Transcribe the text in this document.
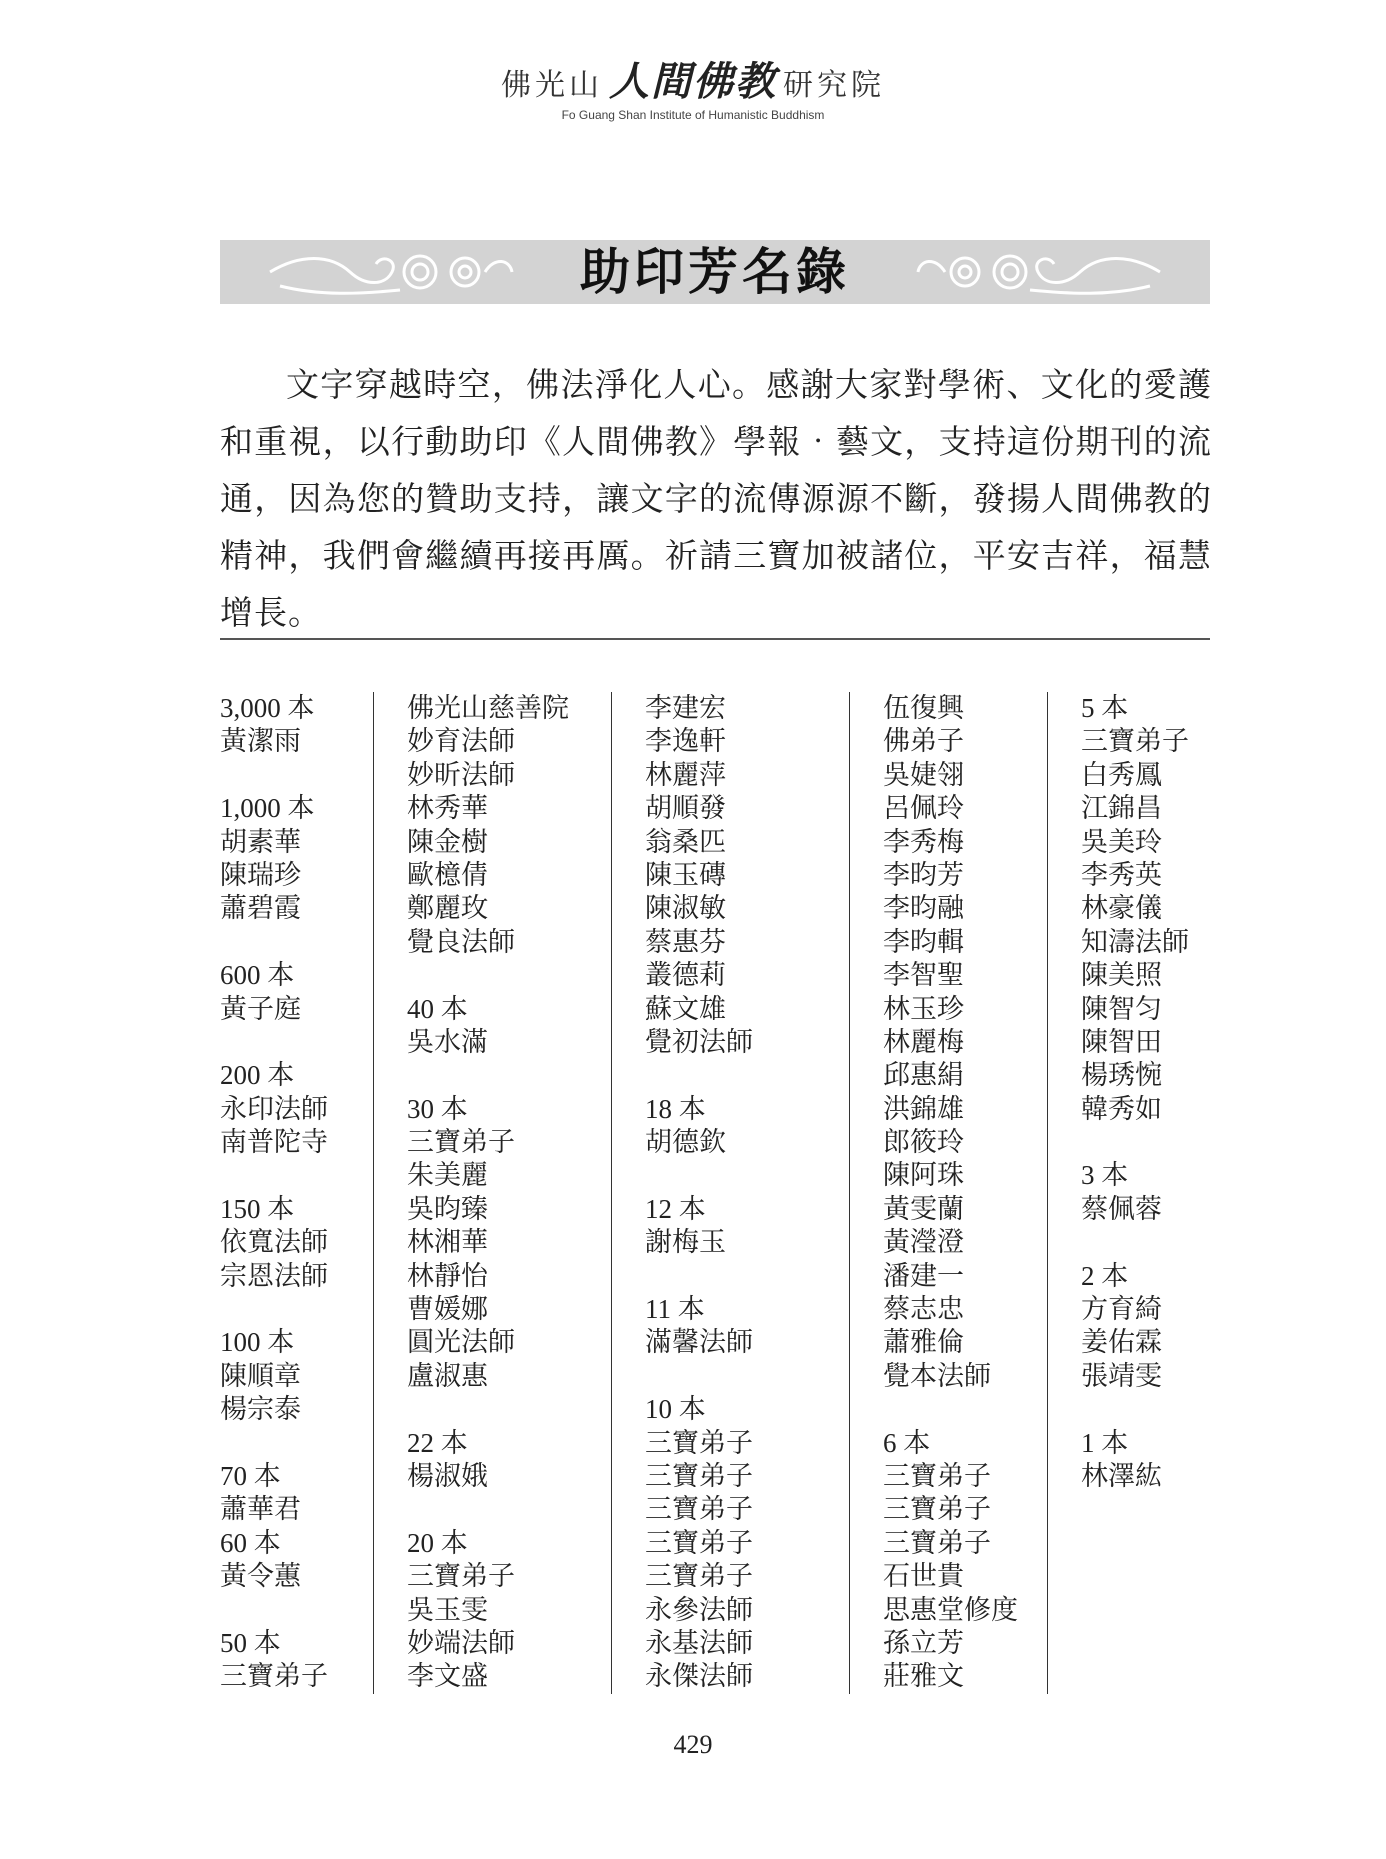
佛光山 人間佛教 研究院
Fo Guang Shan Institute of Humanistic Buddhism
助印芳名錄

文字穿越時空，佛法淨化人心。感謝大家對學術、文化的愛護和重視，以行動助印《人間佛教》學報‧藝文，支持這份期刊的流通，因為您的贊助支持，讓文字的流傳源源不斷，發揚人間佛教的精神，我們會繼續再接再厲。祈請三寶加被諸位，平安吉祥，福慧增長。

3,000 本
黃潔雨

1,000 本
胡素華
陳瑞珍
蕭碧霞

600 本
黃子庭

200 本
永印法師
南普陀寺

150 本
依寬法師
宗恩法師

100 本
陳順章
楊宗泰

70 本
蕭華君
60 本
黃令蕙

50 本
三寶弟子
佛光山慈善院
妙育法師
妙昕法師
林秀華
陳金樹
歐檍倩
鄭麗玫
覺良法師

40 本
吳水滿

30 本
三寶弟子
朱美麗
吳昀臻
林湘華
林靜怡
曹媛娜
圓光法師
盧淑惠

22 本
楊淑娥

20 本
三寶弟子
吳玉雯
妙端法師
李文盛
李建宏
李逸軒
林麗萍
胡順發
翁桑匹
陳玉磚
陳淑敏
蔡惠芬
叢德莉
蘇文雄
覺初法師

18 本
胡德欽

12 本
謝梅玉

11 本
滿馨法師

10 本
三寶弟子
三寶弟子
三寶弟子
三寶弟子
三寶弟子
永參法師
永基法師
永傑法師
伍復興
佛弟子
吳婕翎
呂佩玲
李秀梅
李昀芳
李昀融
李昀輯
李智聖
林玉珍
林麗梅
邱惠絹
洪錦雄
郎筱玲
陳阿珠
黃雯蘭
黃瀅澄
潘建一
蔡志忠
蕭雅倫
覺本法師

6 本
三寶弟子
三寶弟子
三寶弟子
石世貴
思惠堂修度
孫立芳
莊雅文
5 本
三寶弟子
白秀鳳
江錦昌
吳美玲
李秀英
林豪儀
知濤法師
陳美照
陳智匀
陳智田
楊琇惋
韓秀如

3 本
蔡佩蓉

2 本
方育綺
姜佑霖
張靖雯

1 本
林澤紘
429
